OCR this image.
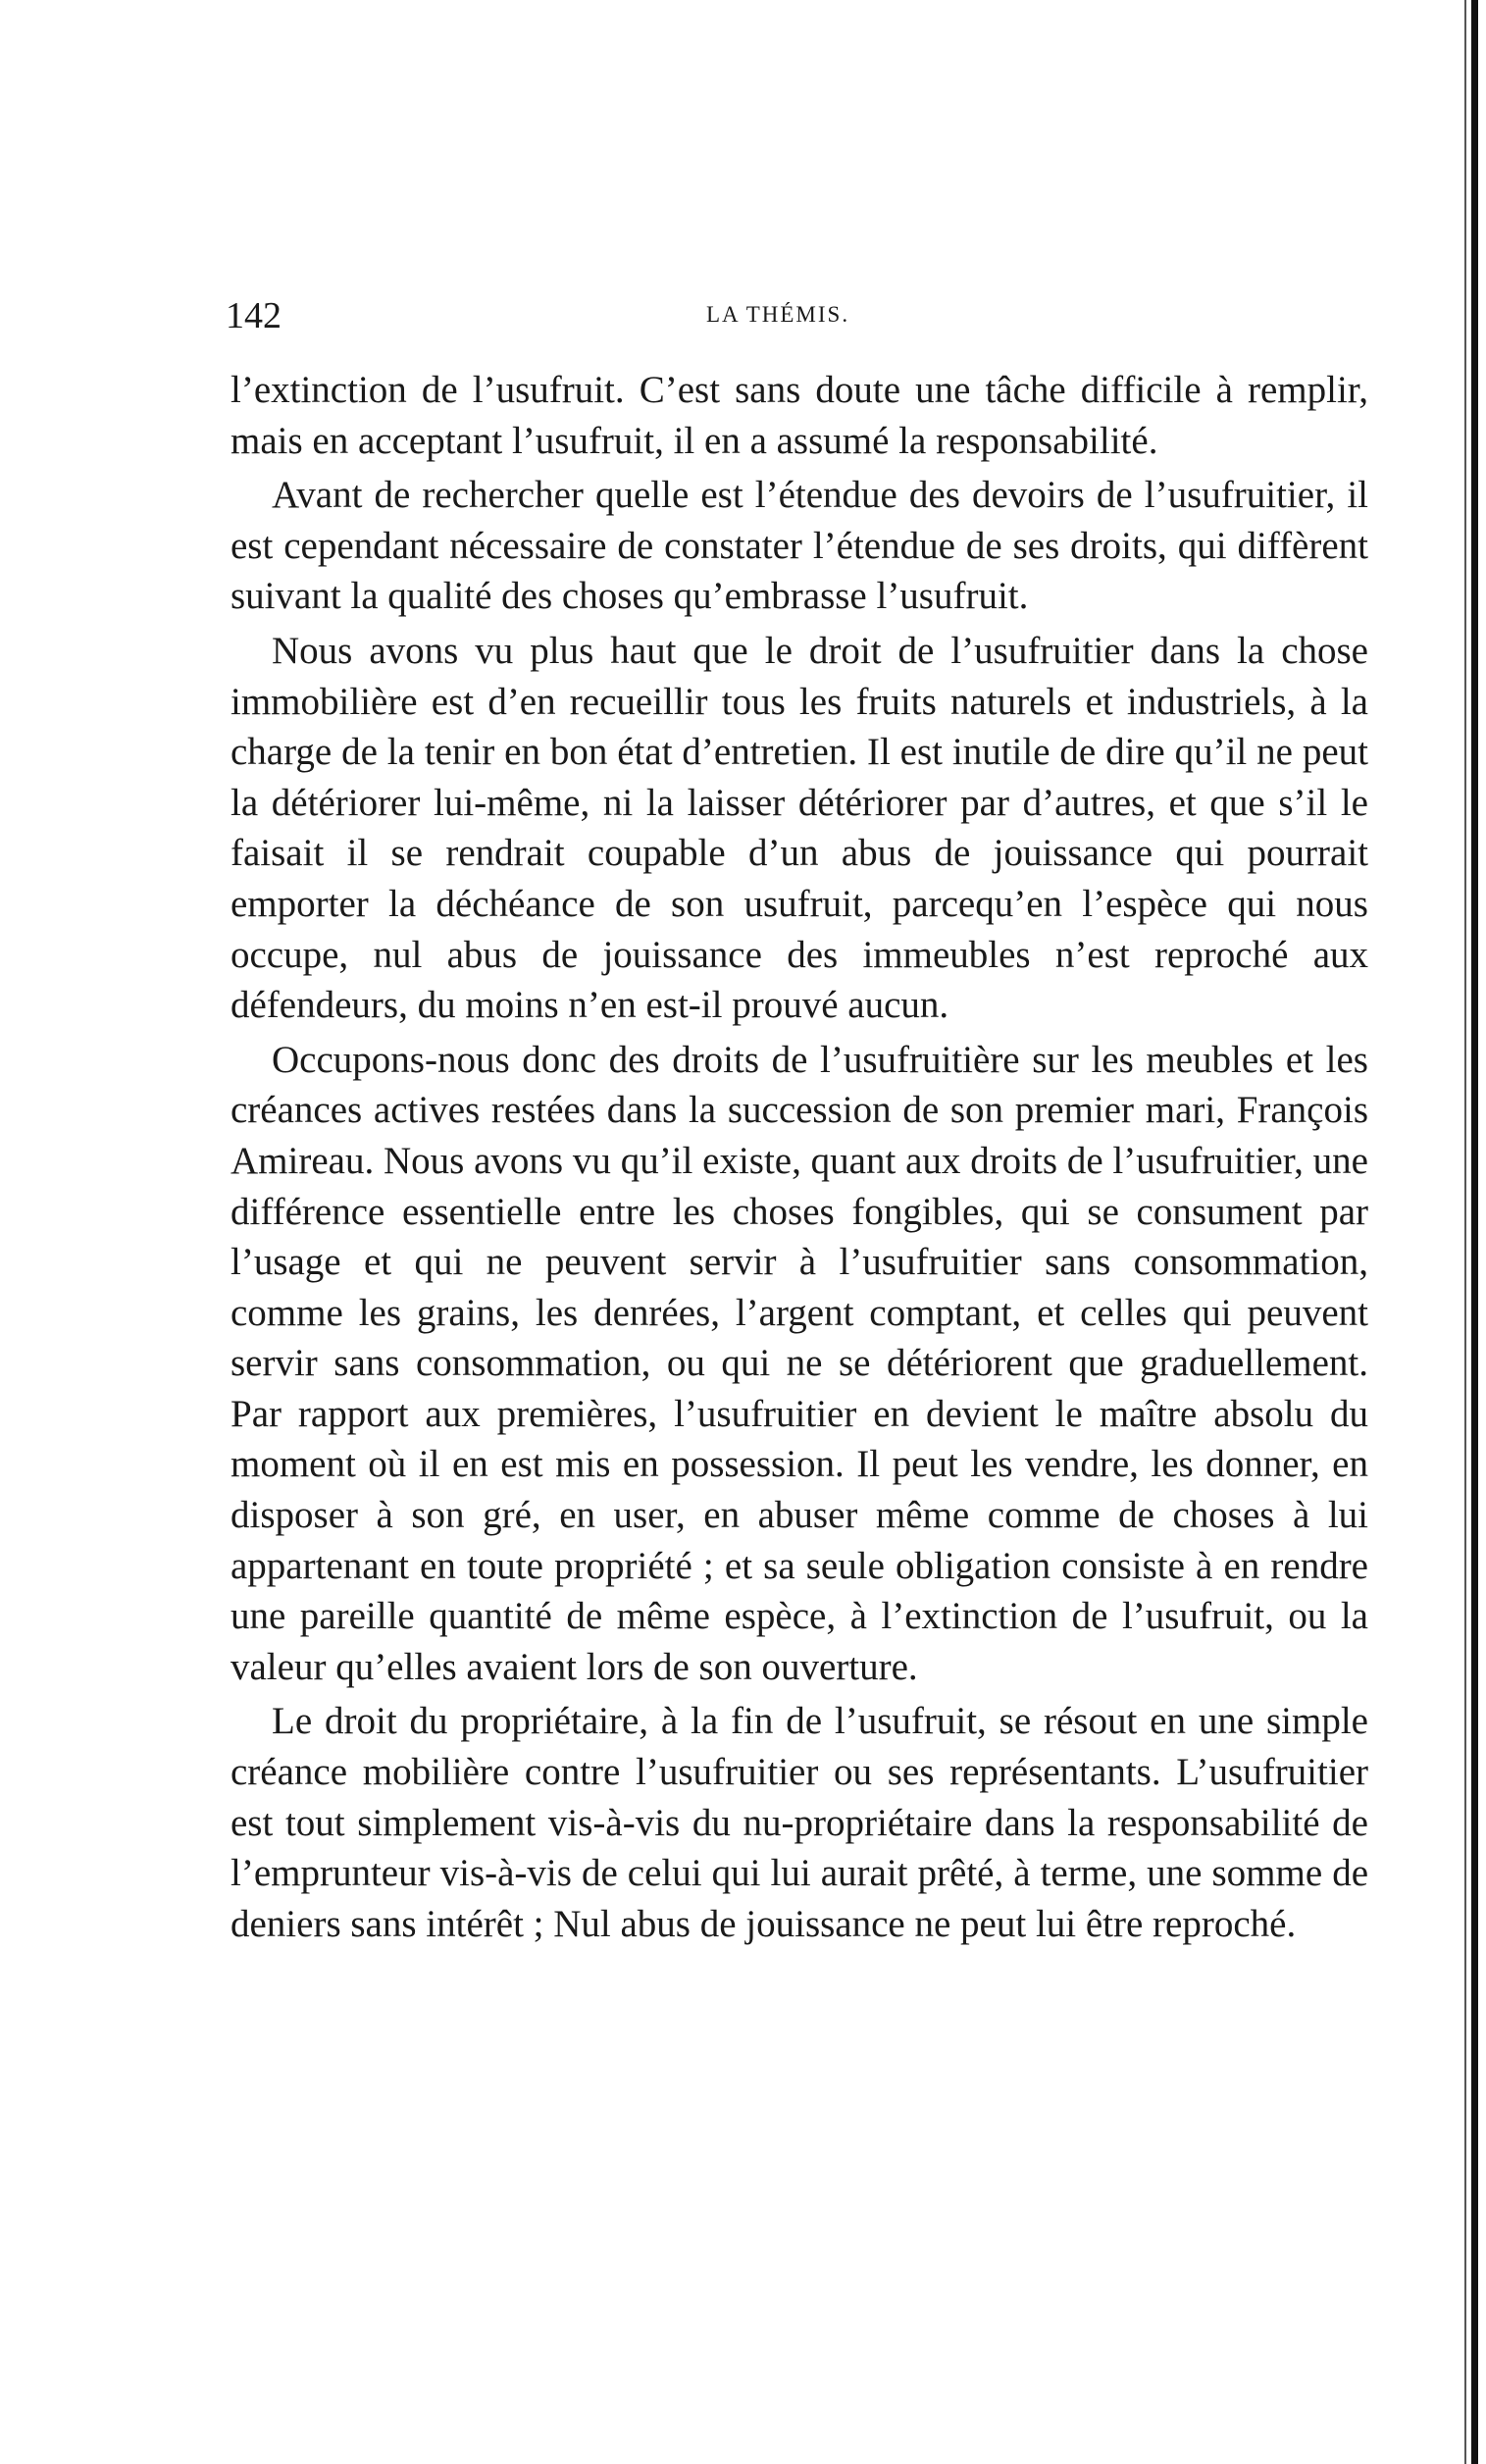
142	LA THÉMIS.

l’extinction de l’usufruit. C’est sans doute une tâche difficile à remplir, mais en acceptant l’usufruit, il en a assumé la responsabilité.

Avant de rechercher quelle est l’étendue des devoirs de l’usufruitier, il est cependant nécessaire de constater l’étendue de ses droits, qui diffèrent suivant la qualité des choses qu’embrasse l’usufruit.

Nous avons vu plus haut que le droit de l’usufruitier dans la chose immobilière est d’en recueillir tous les fruits naturels et industriels, à la charge de la tenir en bon état d’entretien. Il est inutile de dire qu’il ne peut la détériorer lui-même, ni la laisser détériorer par d’autres, et que s’il le faisait il se rendrait coupable d’un abus de jouissance qui pourrait emporter la déchéance de son usufruit, parcequ’en l’espèce qui nous occupe, nul abus de jouissance des immeubles n’est reproché aux défendeurs, du moins n’en est-il prouvé aucun.

Occupons-nous donc des droits de l’usufruitière sur les meubles et les créances actives restées dans la succession de son premier mari, François Amireau. Nous avons vu qu’il existe, quant aux droits de l’usufruitier, une différence essentielle entre les choses fongibles, qui se consument par l’usage et qui ne peuvent servir à l’usufruitier sans consommation, comme les grains, les denrées, l’argent comptant, et celles qui peuvent servir sans consommation, ou qui ne se détériorent que graduellement. Par rapport aux premières, l’usufruitier en devient le maître absolu du moment où il en est mis en possession. Il peut les vendre, les donner, en disposer à son gré, en user, en abuser même comme de choses à lui appartenant en toute propriété ; et sa seule obligation consiste à en rendre une pareille quantité de même espèce, à l’extinction de l’usufruit, ou la valeur qu’elles avaient lors de son ouverture.

Le droit du propriétaire, à la fin de l’usufruit, se résout en une simple créance mobilière contre l’usufruitier ou ses représentants. L’usufruitier est tout simplement vis-à-vis du nu-propriétaire dans la responsabilité de l’emprunteur vis-à-vis de celui qui lui aurait prêté, à terme, une somme de deniers sans intérêt ; Nul abus de jouissance ne peut lui être reproché.
